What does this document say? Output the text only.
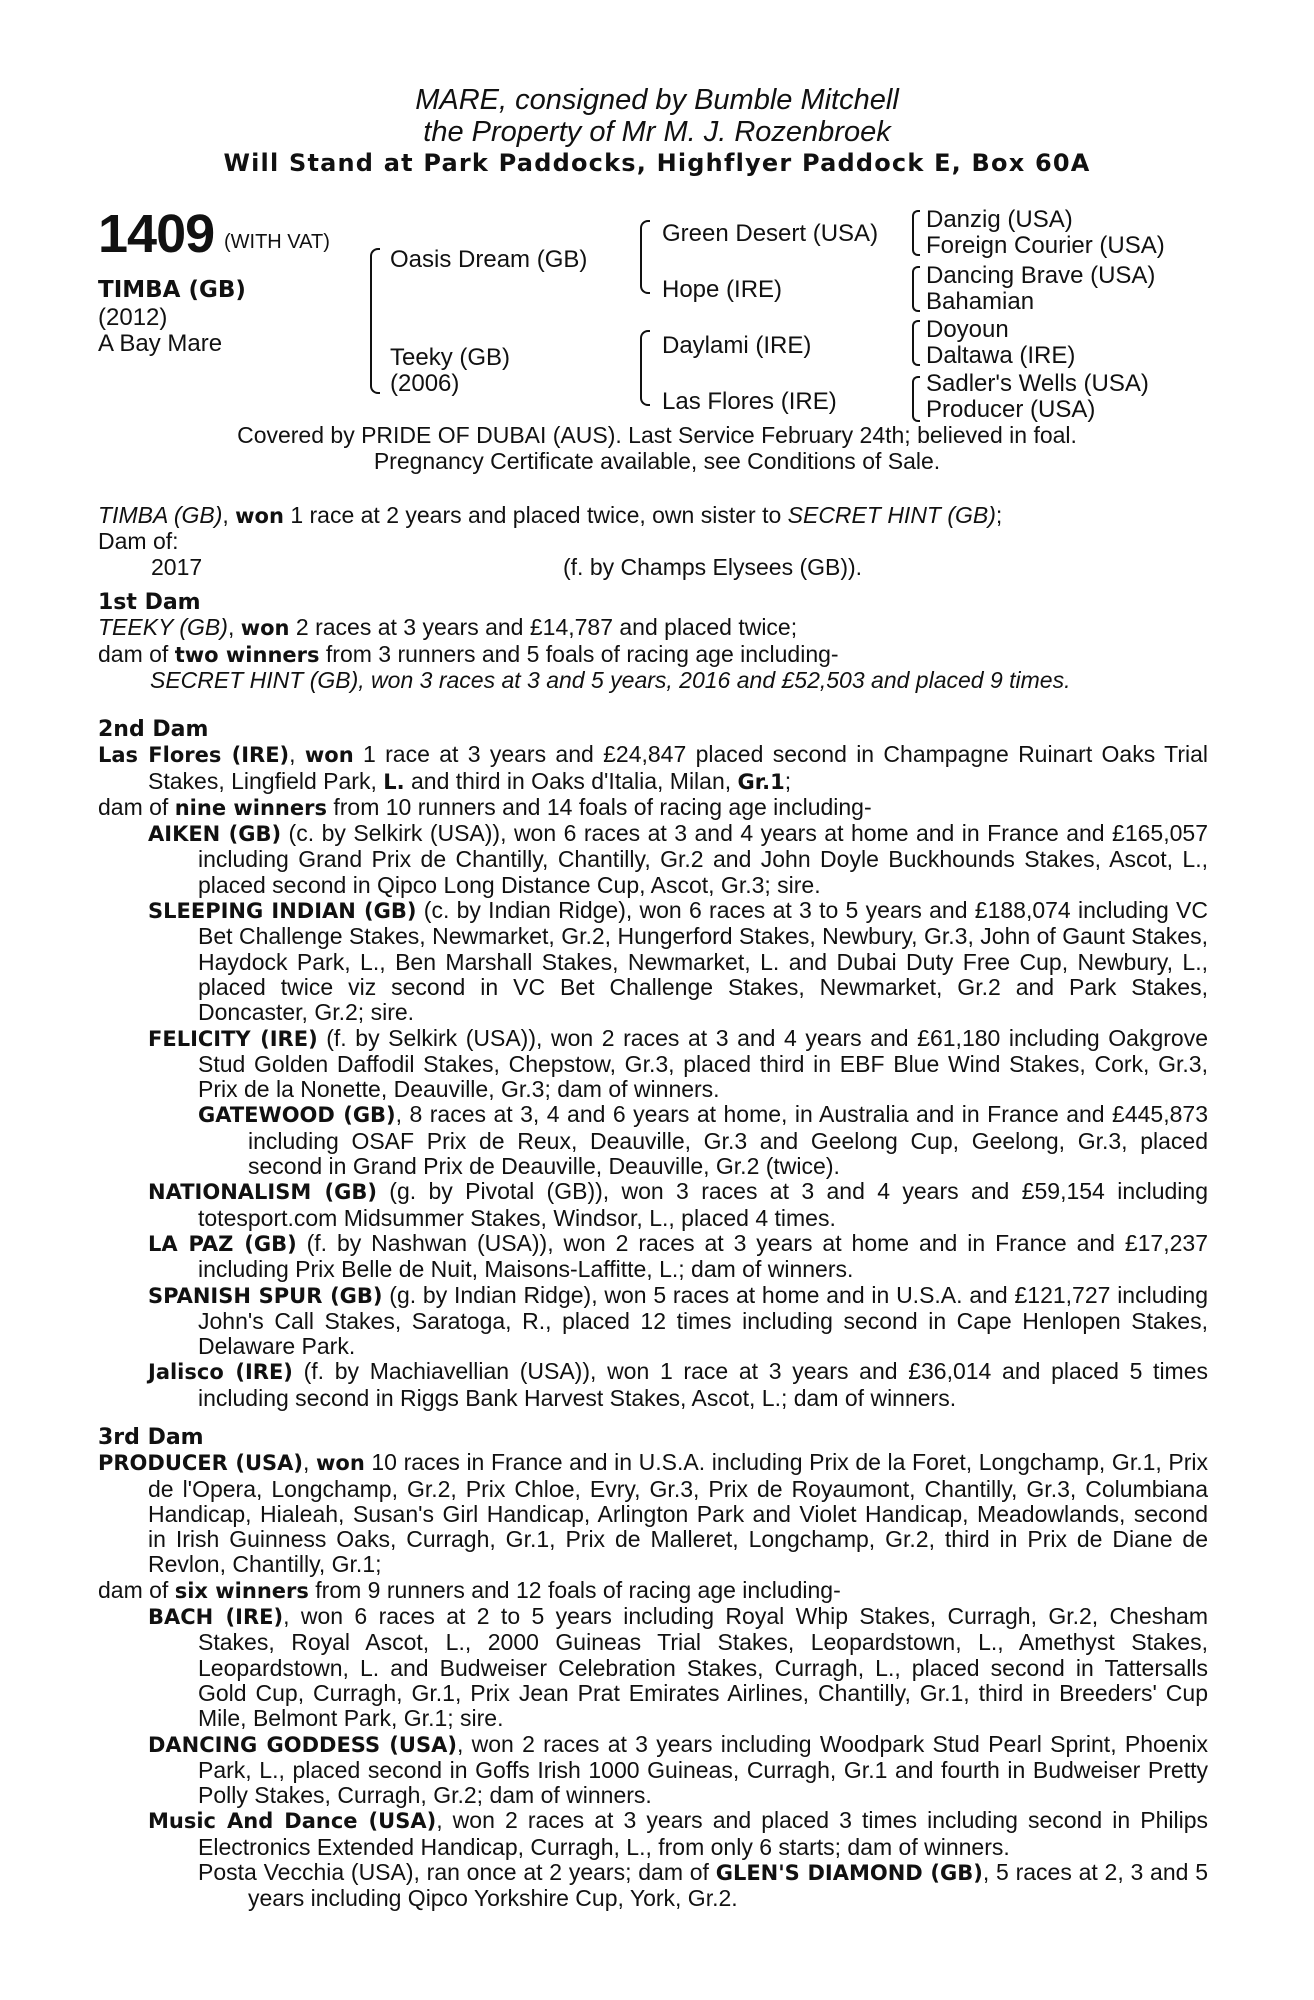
MARE, consigned by Bumble Mitchell
the Property of Mr M. J. Rozenbroek
Will Stand at Park Paddocks, Highflyer Paddock E, Box 60A
1409 (WITH VAT)
TIMBA (GB)
(2012)
A Bay Mare
Oasis Dream (GB)
Teeky (GB)
(2006)
Green Desert (USA)
Hope (IRE)
Daylami (IRE)
Las Flores (IRE)
Danzig (USA)
Foreign Courier (USA)
Dancing Brave (USA)
Bahamian
Doyoun
Daltawa (IRE)
Sadler's Wells (USA)
Producer (USA)
Covered by PRIDE OF DUBAI (AUS). Last Service February 24th; believed in foal.
Pregnancy Certificate available, see Conditions of Sale.

TIMBA (GB), won 1 race at 2 years and placed twice, own sister to SECRET HINT (GB);

Dam of:

2017	(f. by Champs Elysees (GB)).

1st Dam

TEEKY (GB), won 2 races at 3 years and £14,787 and placed twice;

dam of two winners from 3 runners and 5 foals of racing age including-

SECRET HINT (GB), won 3 races at 3 and 5 years, 2016 and £52,503 and placed 9 times.

2nd Dam

Las Flores (IRE), won 1 race at 3 years and £24,847 placed second in Champagne Ruinart Oaks Trial Stakes, Lingfield Park, L. and third in Oaks d'Italia, Milan, Gr.1;

dam of nine winners from 10 runners and 14 foals of racing age including-

AIKEN (GB) (c. by Selkirk (USA)), won 6 races at 3 and 4 years at home and in France and £165,057 including Grand Prix de Chantilly, Chantilly, Gr.2 and John Doyle Buckhounds Stakes, Ascot, L., placed second in Qipco Long Distance Cup, Ascot, Gr.3; sire.

SLEEPING INDIAN (GB) (c. by Indian Ridge), won 6 races at 3 to 5 years and £188,074 including VC Bet Challenge Stakes, Newmarket, Gr.2, Hungerford Stakes, Newbury, Gr.3, John of Gaunt Stakes, Haydock Park, L., Ben Marshall Stakes, Newmarket, L. and Dubai Duty Free Cup, Newbury, L., placed twice viz second in VC Bet Challenge Stakes, Newmarket, Gr.2 and Park Stakes, Doncaster, Gr.2; sire.

FELICITY (IRE) (f. by Selkirk (USA)), won 2 races at 3 and 4 years and £61,180 including Oakgrove Stud Golden Daffodil Stakes, Chepstow, Gr.3, placed third in EBF Blue Wind Stakes, Cork, Gr.3, Prix de la Nonette, Deauville, Gr.3; dam of winners.

GATEWOOD (GB), 8 races at 3, 4 and 6 years at home, in Australia and in France and £445,873 including OSAF Prix de Reux, Deauville, Gr.3 and Geelong Cup, Geelong, Gr.3, placed second in Grand Prix de Deauville, Deauville, Gr.2 (twice).

NATIONALISM (GB) (g. by Pivotal (GB)), won 3 races at 3 and 4 years and £59,154 including totesport.com Midsummer Stakes, Windsor, L., placed 4 times.

LA PAZ (GB) (f. by Nashwan (USA)), won 2 races at 3 years at home and in France and £17,237 including Prix Belle de Nuit, Maisons-Laffitte, L.; dam of winners.

SPANISH SPUR (GB) (g. by Indian Ridge), won 5 races at home and in U.S.A. and £121,727 including John's Call Stakes, Saratoga, R., placed 12 times including second in Cape Henlopen Stakes, Delaware Park.

Jalisco (IRE) (f. by Machiavellian (USA)), won 1 race at 3 years and £36,014 and placed 5 times including second in Riggs Bank Harvest Stakes, Ascot, L.; dam of winners.

3rd Dam

PRODUCER (USA), won 10 races in France and in U.S.A. including Prix de la Foret, Longchamp, Gr.1, Prix de l'Opera, Longchamp, Gr.2, Prix Chloe, Evry, Gr.3, Prix de Royaumont, Chantilly, Gr.3, Columbiana Handicap, Hialeah, Susan's Girl Handicap, Arlington Park and Violet Handicap, Meadowlands, second in Irish Guinness Oaks, Curragh, Gr.1, Prix de Malleret, Longchamp, Gr.2, third in Prix de Diane de Revlon, Chantilly, Gr.1;

dam of six winners from 9 runners and 12 foals of racing age including-

BACH (IRE), won 6 races at 2 to 5 years including Royal Whip Stakes, Curragh, Gr.2, Chesham Stakes, Royal Ascot, L., 2000 Guineas Trial Stakes, Leopardstown, L., Amethyst Stakes, Leopardstown, L. and Budweiser Celebration Stakes, Curragh, L., placed second in Tattersalls Gold Cup, Curragh, Gr.1, Prix Jean Prat Emirates Airlines, Chantilly, Gr.1, third in Breeders' Cup Mile, Belmont Park, Gr.1; sire.

DANCING GODDESS (USA), won 2 races at 3 years including Woodpark Stud Pearl Sprint, Phoenix Park, L., placed second in Goffs Irish 1000 Guineas, Curragh, Gr.1 and fourth in Budweiser Pretty Polly Stakes, Curragh, Gr.2; dam of winners.

Music And Dance (USA), won 2 races at 3 years and placed 3 times including second in Philips Electronics Extended Handicap, Curragh, L., from only 6 starts; dam of winners.

Posta Vecchia (USA), ran once at 2 years; dam of GLEN'S DIAMOND (GB), 5 races at 2, 3 and 5 years including Qipco Yorkshire Cup, York, Gr.2.
